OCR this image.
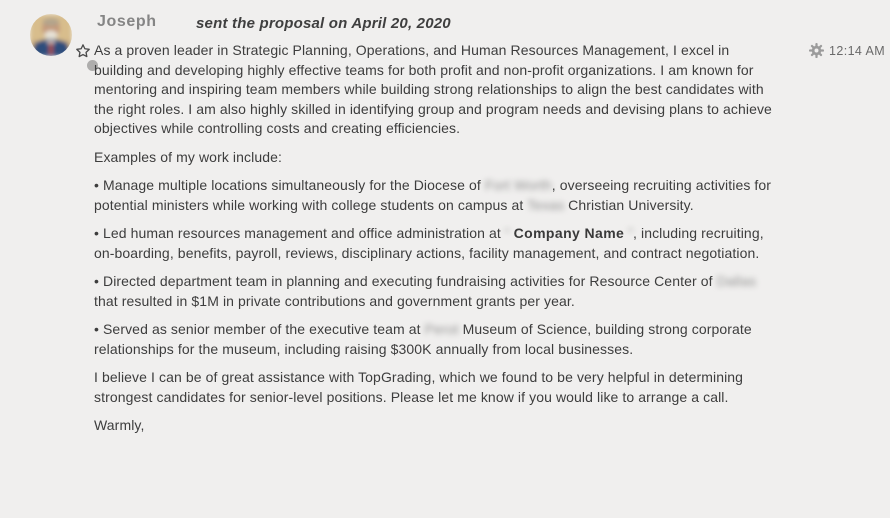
Joseph	sent the proposal on April 20, 2020
12:14 AM

As a proven leader in Strategic Planning, Operations, and Human Resources Management, I excel in building and developing highly effective teams for both profit and non-profit organizations. I am known for mentoring and inspiring team members while building strong relationships to align the best candidates with the right roles. I am also highly skilled in identifying group and program needs and devising plans to achieve objectives while controlling costs and creating efficiencies.

Examples of my work include:

• Manage multiple locations simultaneously for the Diocese of Fort Worth, overseeing recruiting activities for potential ministers while working with college students on campus at Texas Christian University.

• Led human resources management and office administration at “ Company Name ”, including recruiting, on-boarding, benefits, payroll, reviews, disciplinary actions, facility management, and contract negotiation.

• Directed department team in planning and executing fundraising activities for Resource Center of Dallas that resulted in $1M in private contributions and government grants per year.

• Served as senior member of the executive team at Perot Museum of Science, building strong corporate relationships for the museum, including raising $300K annually from local businesses.

I believe I can be of great assistance with TopGrading, which we found to be very helpful in determining strongest candidates for senior-level positions. Please let me know if you would like to arrange a call.

Warmly,
